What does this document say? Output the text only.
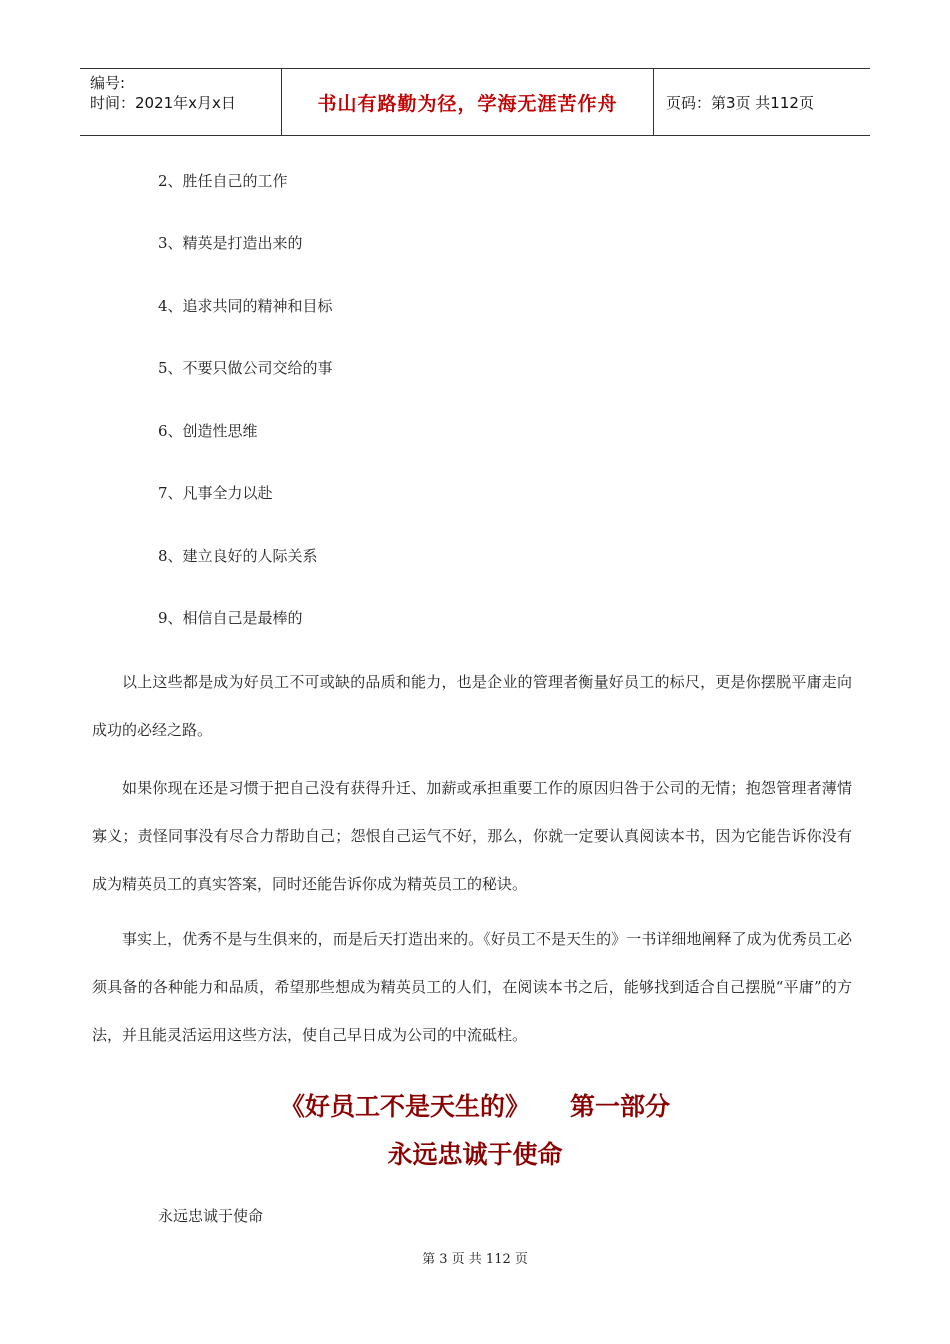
编号:
时间：2021年x月x日	书山有路勤为径，学海无涯苦作舟	页码：第3页 共112页
2、胜任自己的工作
3、精英是打造出来的
4、追求共同的精神和目标
5、不要只做公司交给的事
6、创造性思维
7、凡事全力以赴
8、建立良好的人际关系
9、相信自己是最棒的

以上这些都是成为好员工不可或缺的品质和能力，也是企业的管理者衡量好员工的标尺，更是你摆脱平庸走向成功的必经之路。

如果你现在还是习惯于把自己没有获得升迁、加薪或承担重要工作的原因归咎于公司的无情；抱怨管理者薄情寡义；责怪同事没有尽合力帮助自己；怨恨自己运气不好，那么，你就一定要认真阅读本书，因为它能告诉你没有成为精英员工的真实答案，同时还能告诉你成为精英员工的秘诀。

事实上，优秀不是与生俱来的，而是后天打造出来的。《好员工不是天生的》一书详细地阐释了成为优秀员工必须具备的各种能力和品质，希望那些想成为精英员工的人们，在阅读本书之后，能够找到适合自己摆脱“平庸”的方法，并且能灵活运用这些方法，使自己早日成为公司的中流砥柱。

《好员工不是天生的》 第一部分
永远忠诚于使命
永远忠诚于使命
第 3 页 共 112 页
